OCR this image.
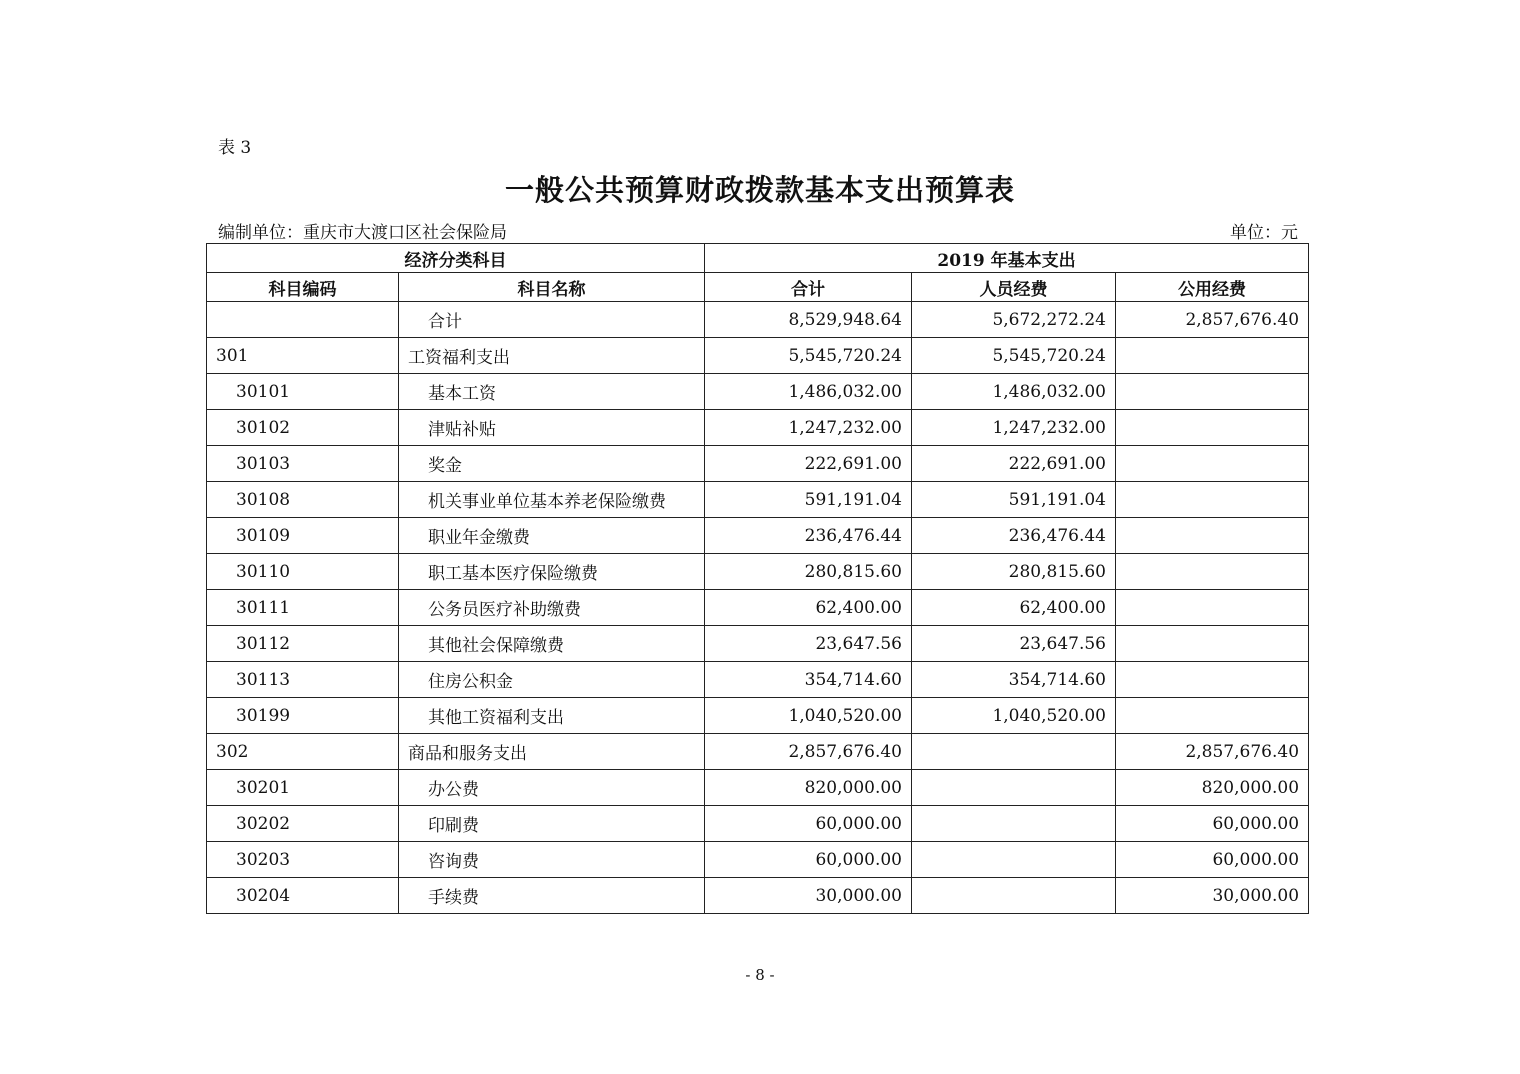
表 3
一般公共预算财政拨款基本支出预算表
编制单位：重庆市大渡口区社会保险局	单位：元
经济分类科目		2019 年基本支出		
科目编码	科目名称	合计	人员经费	公用经费
	合计	8,529,948.64	5,672,272.24	2,857,676.40
301	工资福利支出	5,545,720.24	5,545,720.24	
30101	基本工资	1,486,032.00	1,486,032.00	
30102	津贴补贴	1,247,232.00	1,247,232.00	
30103	奖金	222,691.00	222,691.00	
30108	机关事业单位基本养老保险缴费	591,191.04	591,191.04	
30109	职业年金缴费	236,476.44	236,476.44	
30110	职工基本医疗保险缴费	280,815.60	280,815.60	
30111	公务员医疗补助缴费	62,400.00	62,400.00	
30112	其他社会保障缴费	23,647.56	23,647.56	
30113	住房公积金	354,714.60	354,714.60	
30199	其他工资福利支出	1,040,520.00	1,040,520.00	
302	商品和服务支出	2,857,676.40		2,857,676.40
30201	办公费	820,000.00		820,000.00
30202	印刷费	60,000.00		60,000.00
30203	咨询费	60,000.00		60,000.00
30204	手续费	30,000.00		30,000.00
- 8 -
